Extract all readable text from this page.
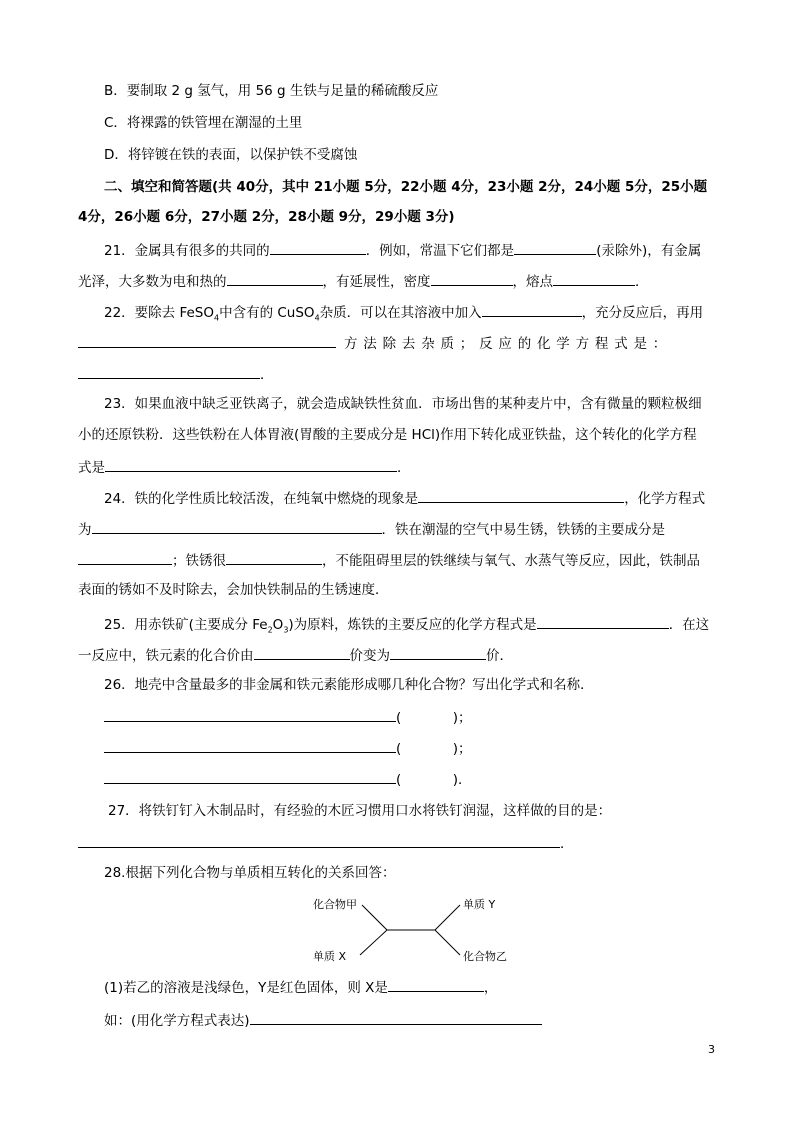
B．要制取 2 g 氢气，用 56 g 生铁与足量的稀硫酸反应
C．将裸露的铁管埋在潮湿的土里
D．将锌镀在铁的表面，以保护铁不受腐蚀
二、填空和简答题(共 40分，其中 21小题 5分，22小题 4分，23小题 2分，24小题 5分，25小题
4分，26小题 6分，27小题 2分，28小题 9分，29小题 3分)
21．金属具有很多的共同的	．例如，常温下它们都是	(汞除外)，有金属
光泽，大多数为电和热的	，有延展性，密度	，熔点	．
22．要除去 FeSO$_4$中含有的 CuSO$_4$杂质．可以在其溶液中加入	，充分反应后，再用
方法除去杂质；反应的化学方程式是：
．
23．如果血液中缺乏亚铁离子，就会造成缺铁性贫血．市场出售的某种麦片中，含有微量的颗粒极细
小的还原铁粉．这些铁粉在人体胃液(胃酸的主要成分是 HCl)作用下转化成亚铁盐，这个转化的化学方程
式是	．
24．铁的化学性质比较活泼，在纯氧中燃烧的现象是	，化学方程式
为	．铁在潮湿的空气中易生锈，铁锈的主要成分是
；铁锈很	，不能阻碍里层的铁继续与氧气、水蒸气等反应，因此，铁制品
表面的锈如不及时除去，会加快铁制品的生锈速度．
25．用赤铁矿(主要成分 $Fe_2O_3$)为原料，炼铁的主要反应的化学方程式是	．在这
一反应中，铁元素的化合价由	价变为	价．
26．地壳中含量最多的非金属和铁元素能形成哪几种化合物？写出化学式和名称．
(            )；
(            )；
(            )．
27．将铁钉钉入木制品时，有经验的木匠习惯用口水将铁钉润湿，这样做的目的是：
．
28.根据下列化合物与单质相互转化的关系回答：
化合物甲	单质 Y
单质 X	化合物乙
(1)若乙的溶液是浅绿色，Y是红色固体，则 X是	，
如：(用化学方程式表达)
3
